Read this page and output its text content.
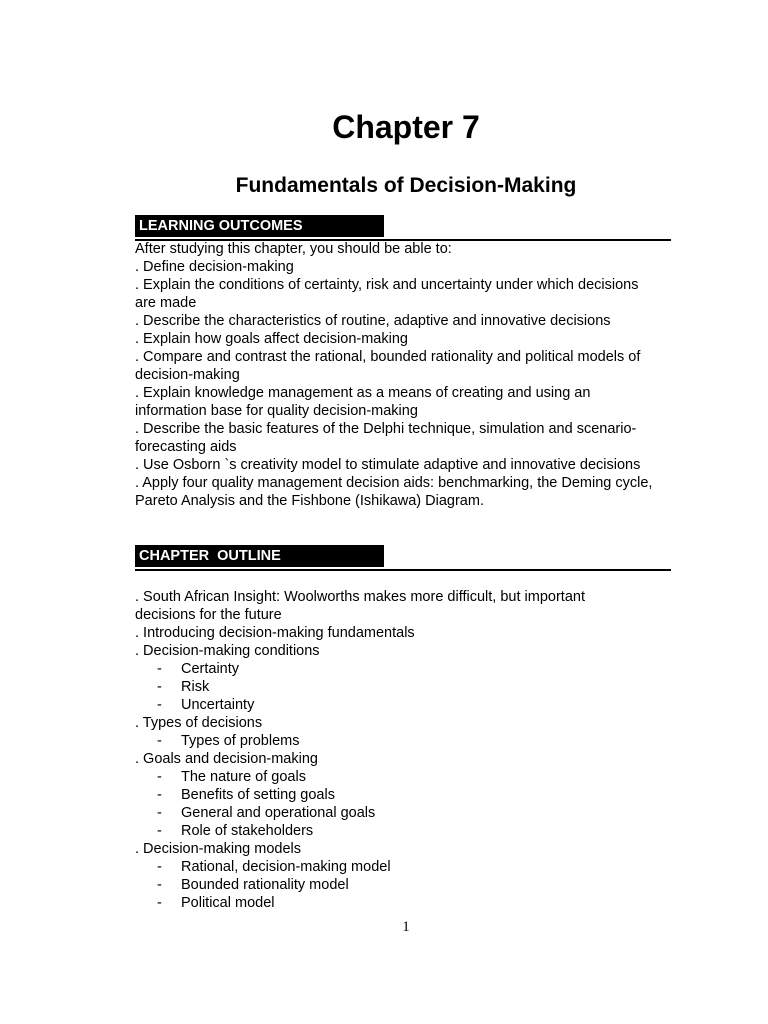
Chapter 7
Fundamentals of Decision-Making
LEARNING OUTCOMES

After studying this chapter, you should be able to:

. Define decision-making

. Explain the conditions of certainty, risk and uncertainty under which decisions

are made

. Describe the characteristics of routine, adaptive and innovative decisions

. Explain how goals affect decision-making

. Compare and contrast the rational, bounded rationality and political models of

decision-making

. Explain knowledge management as a means of creating and using an

information base for quality decision-making

. Describe the basic features of the Delphi technique, simulation and scenario-

forecasting aids

. Use Osborn `s creativity model to stimulate adaptive and innovative decisions

. Apply four quality management decision aids: benchmarking, the Deming cycle,

Pareto Analysis and the Fishbone (Ishikawa) Diagram.

CHAPTER  OUTLINE

. South African Insight: Woolworths makes more difficult, but important

decisions for the future

. Introducing decision-making fundamentals

. Decision-making conditions

- Certainty

- Risk

- Uncertainty

. Types of decisions

- Types of problems

. Goals and decision-making

- The nature of goals

- Benefits of setting goals

- General and operational goals

- Role of stakeholders

. Decision-making models

- Rational, decision-making model

- Bounded rationality model

- Political model

1
